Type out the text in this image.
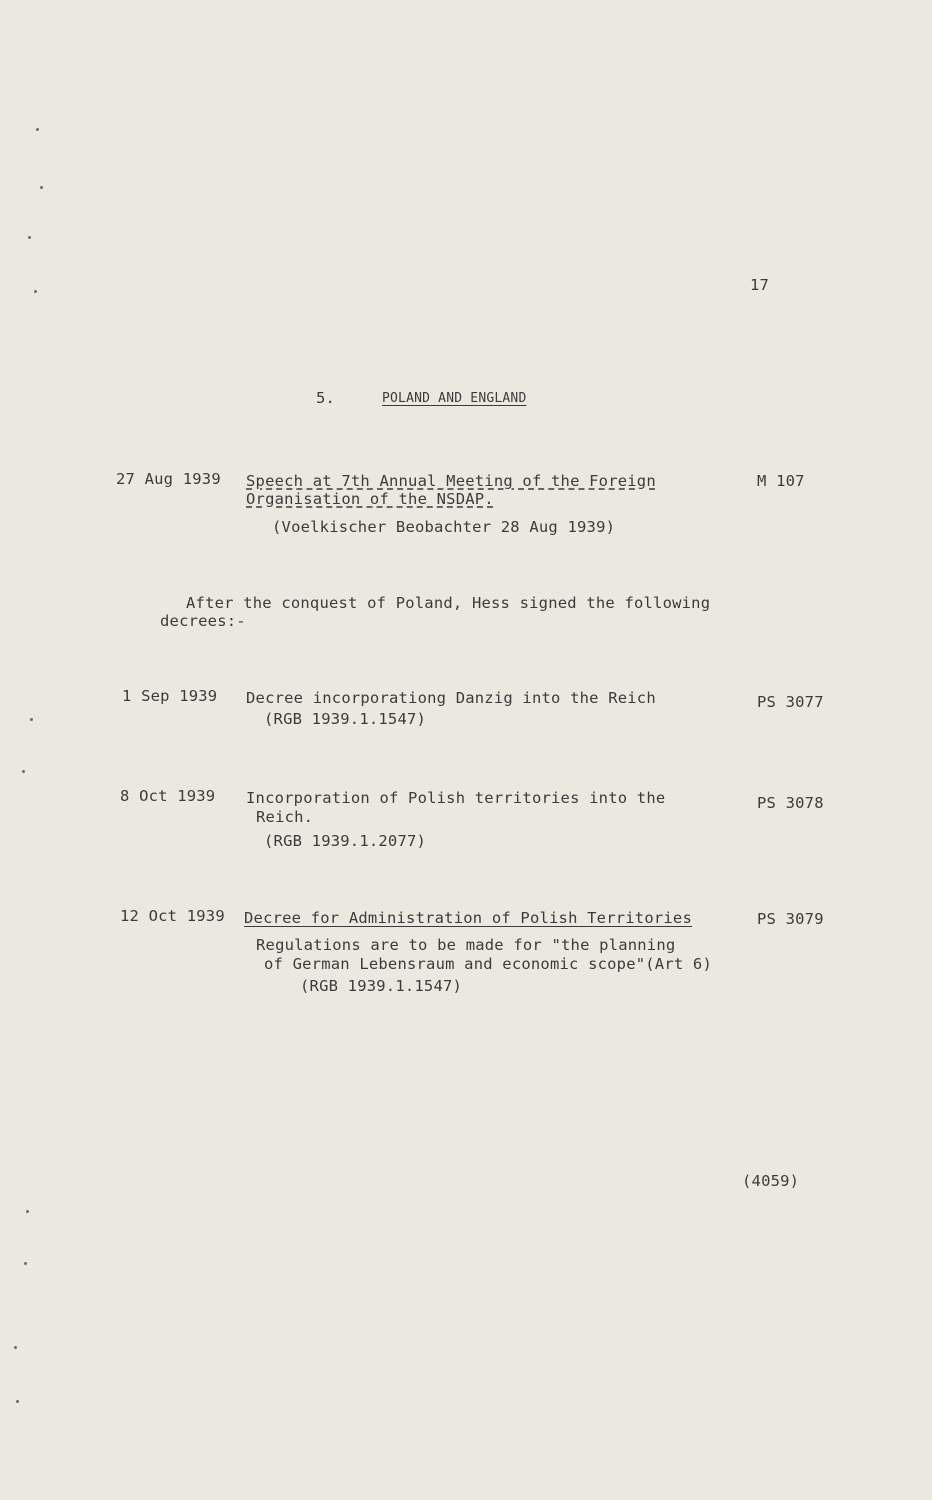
17
5.	POLAND AND ENGLAND
27 Aug 1939 Speech at 7th Annual Meeting of the Foreign
Organisation of the NSDAP.
(Voelkischer Beobachter 28 Aug 1939)
M 107
After the conquest of Poland, Hess signed the following
decrees:-
1 Sep 1939 Decree incorporationg Danzig into the Reich
(RGB 1939.1.1547)
PS 3077
8 Oct 1939 Incorporation of Polish territories into the
Reich.
(RGB 1939.1.2077)
PS 3078
12 Oct 1939 Decree for Administration of Polish Territories
Regulations are to be made for "the planning
of German Lebensraum and economic scope"(Art 6)
(RGB 1939.1.1547)
PS 3079
(4059)
